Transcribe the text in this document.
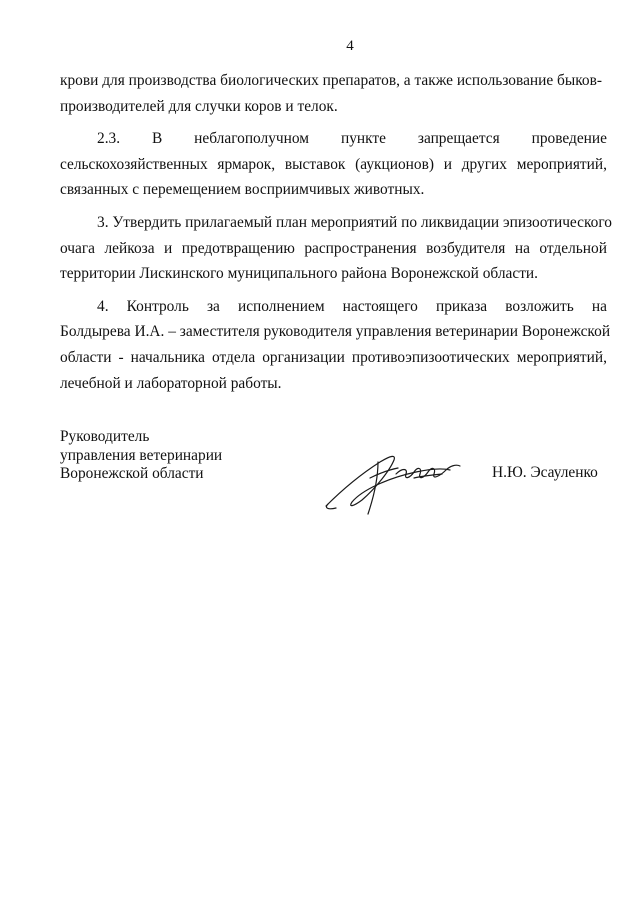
4
крови для производства биологических препаратов, а также использование быков-
производителей для случки коров и телок.
2.3. В неблагополучном пункте запрещается проведение
сельскохозяйственных ярмарок, выставок (аукционов) и других мероприятий,
связанных с перемещением восприимчивых животных.
3. Утвердить прилагаемый план мероприятий по ликвидации эпизоотического
очага лейкоза и предотвращению распространения возбудителя на отдельной
территории Лискинского муниципального района Воронежской области.
4. Контроль за исполнением настоящего приказа возложить на
Болдырева И.А. – заместителя руководителя управления ветеринарии Воронежской
области - начальника отдела организации противоэпизоотических мероприятий,
лечебной и лабораторной работы.
Руководитель
управления ветеринарии
Воронежской области	Н.Ю. Эсауленко
